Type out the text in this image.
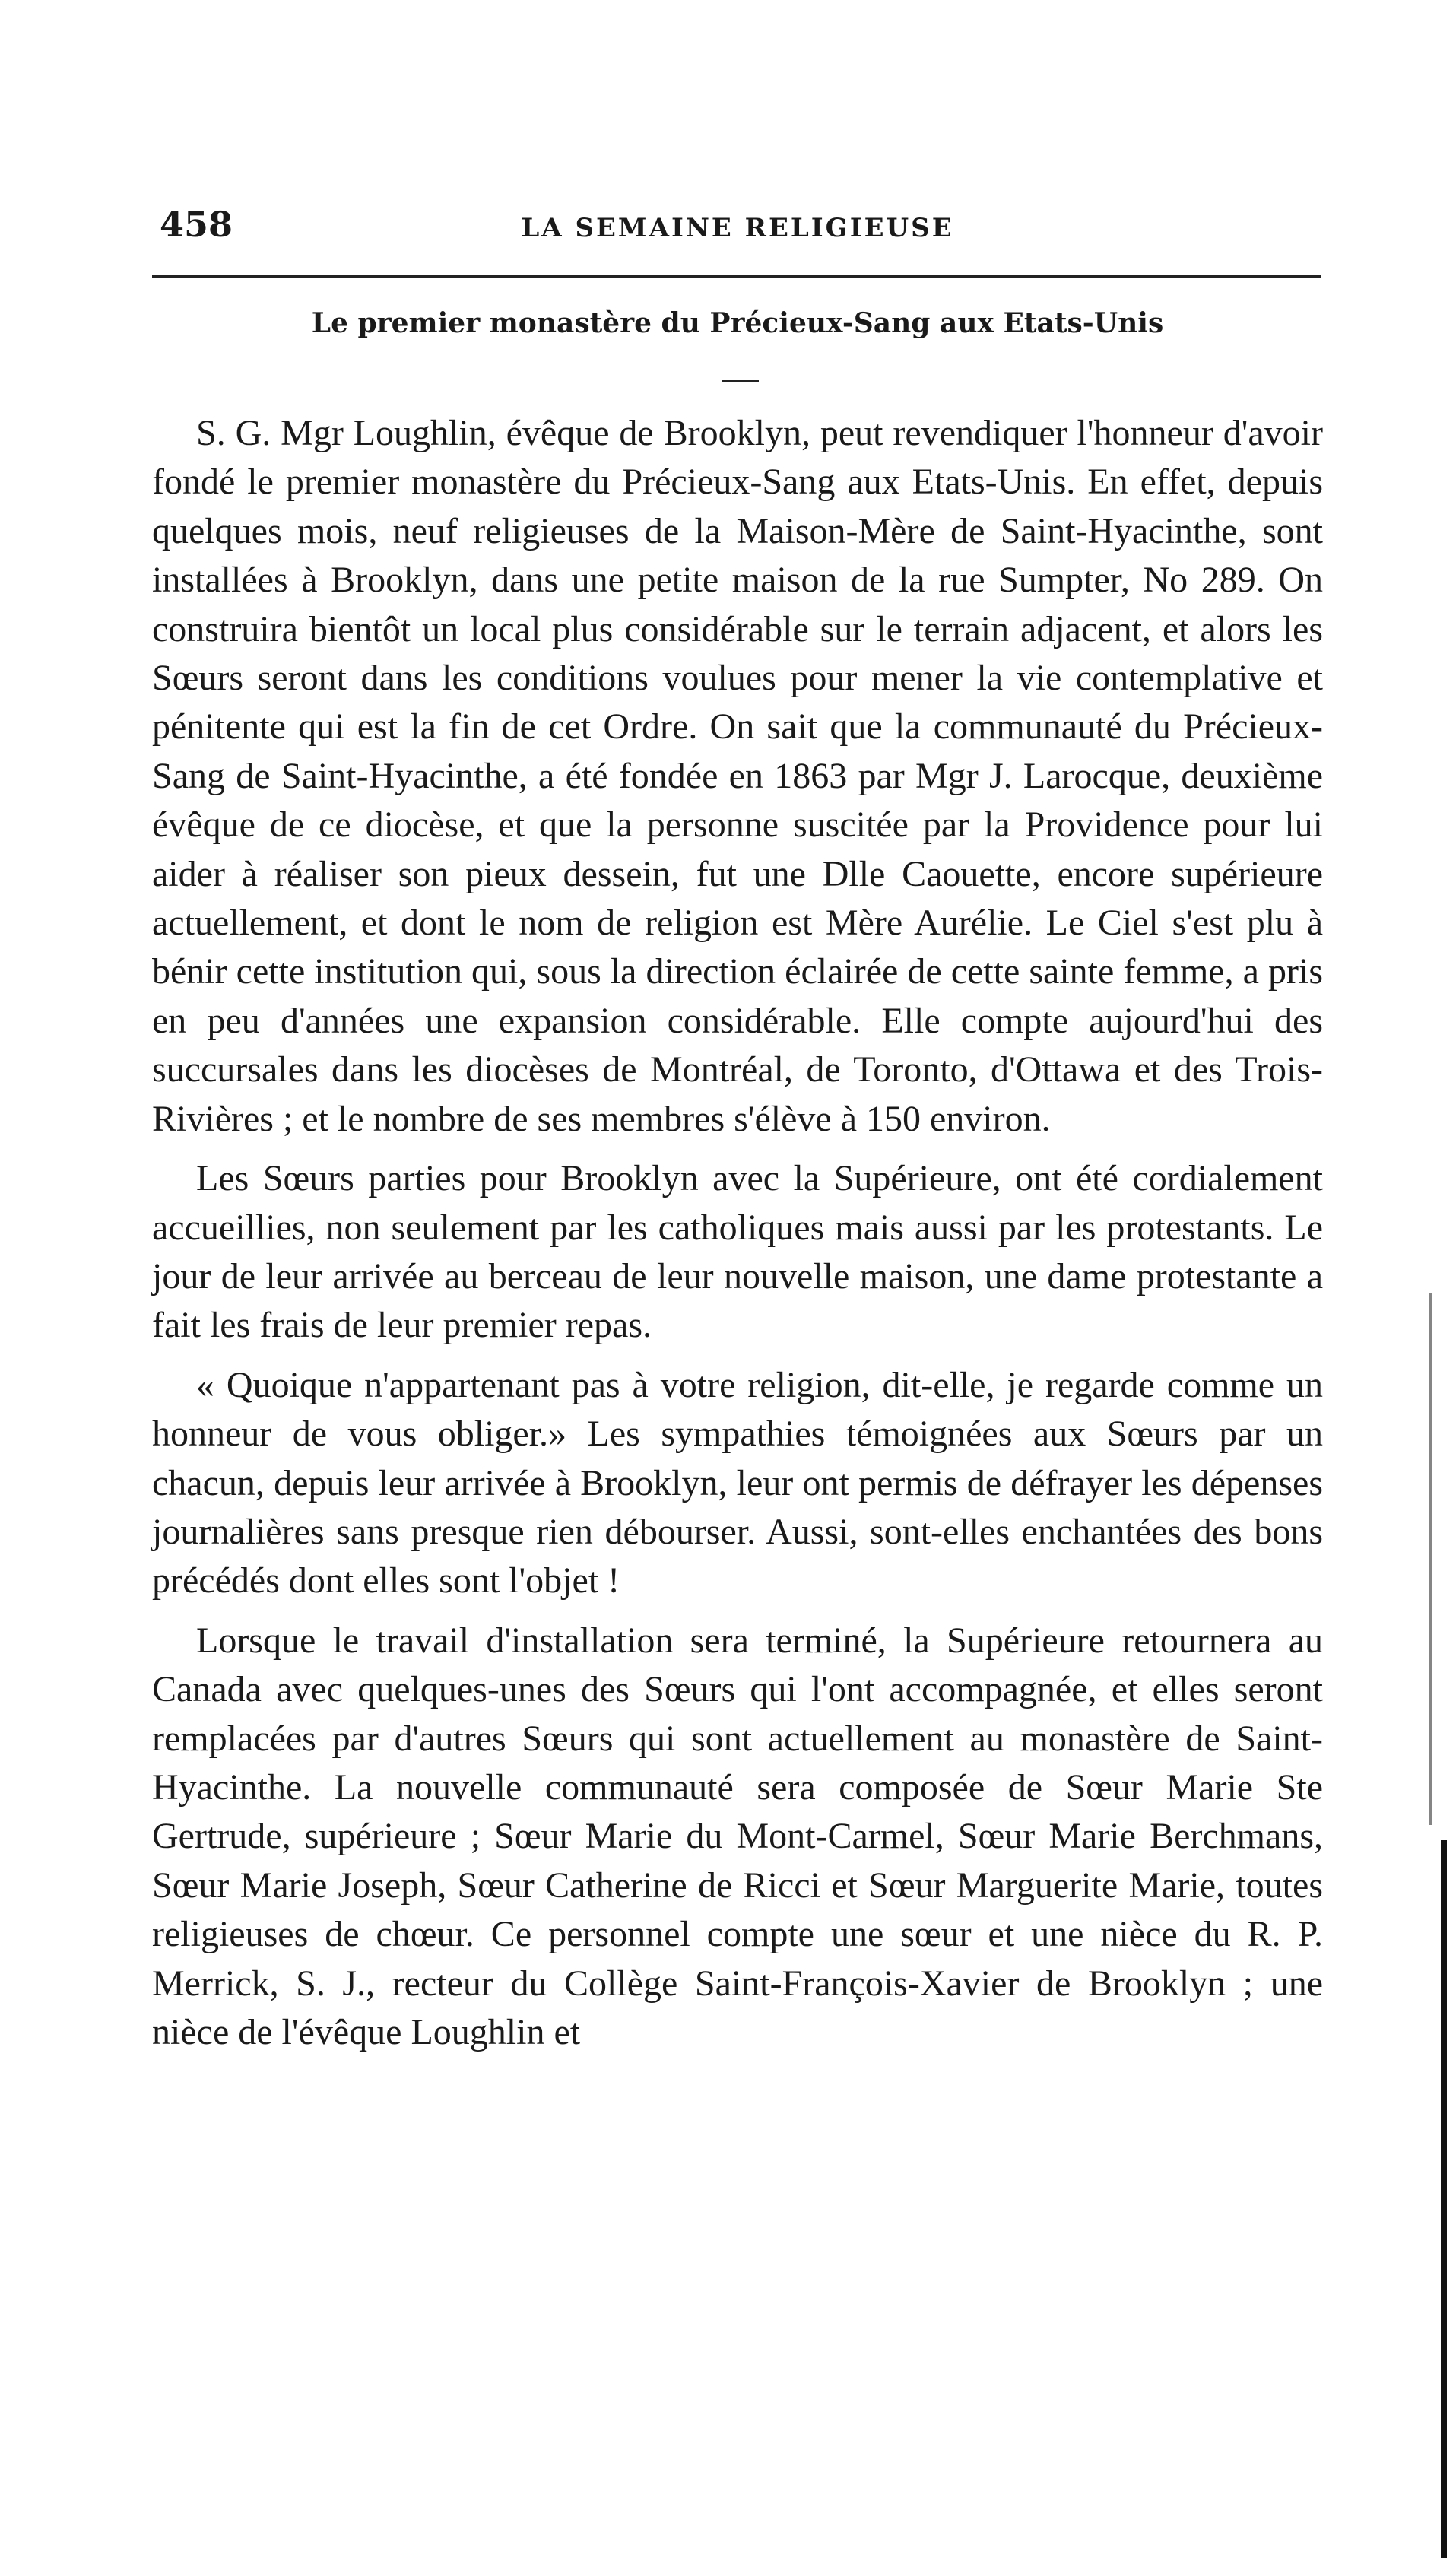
458	LA SEMAINE RELIGIEUSE
Le premier monastère du Précieux-Sang aux Etats-Unis

S. G. Mgr Loughlin, évêque de Brooklyn, peut revendiquer l'honneur d'avoir fondé le premier monastère du Précieux-Sang aux Etats-Unis. En effet, depuis quelques mois, neuf religieuses de la Maison-Mère de Saint-Hyacinthe, sont installées à Brooklyn, dans une petite maison de la rue Sumpter, No 289. On construira bientôt un local plus considérable sur le terrain adjacent, et alors les Sœurs seront dans les conditions voulues pour mener la vie contemplative et pénitente qui est la fin de cet Ordre. On sait que la communauté du Précieux-Sang de Saint-Hyacinthe, a été fondée en 1863 par Mgr J. Larocque, deuxième évêque de ce diocèse, et que la personne suscitée par la Providence pour lui aider à réaliser son pieux dessein, fut une Dlle Caouette, encore supérieure actuellement, et dont le nom de religion est Mère Aurélie. Le Ciel s'est plu à bénir cette institution qui, sous la direction éclairée de cette sainte femme, a pris en peu d'années une expansion considérable. Elle compte aujourd'hui des succursales dans les diocèses de Montréal, de Toronto, d'Ottawa et des Trois-Rivières ; et le nombre de ses membres s'élève à 150 environ.

Les Sœurs parties pour Brooklyn avec la Supérieure, ont été cordialement accueillies, non seulement par les catholiques mais aussi par les protestants. Le jour de leur arrivée au berceau de leur nouvelle maison, une dame protestante a fait les frais de leur premier repas.

« Quoique n'appartenant pas à votre religion, dit-elle, je regarde comme un honneur de vous obliger.» Les sympathies témoignées aux Sœurs par un chacun, depuis leur arrivée à Brooklyn, leur ont permis de défrayer les dépenses journalières sans presque rien débourser. Aussi, sont-elles enchantées des bons précédés dont elles sont l'objet !

Lorsque le travail d'installation sera terminé, la Supérieure retournera au Canada avec quelques-unes des Sœurs qui l'ont accompagnée, et elles seront remplacées par d'autres Sœurs qui sont actuellement au monastère de Saint-Hyacinthe. La nouvelle communauté sera composée de Sœur Marie Ste Gertrude, supérieure ; Sœur Marie du Mont-Carmel, Sœur Marie Berchmans, Sœur Marie Joseph, Sœur Catherine de Ricci et Sœur Marguerite Marie, toutes religieuses de chœur. Ce personnel compte une sœur et une nièce du R. P. Merrick, S. J., recteur du Collège Saint-François-Xavier de Brooklyn ; une nièce de l'évêque Loughlin et
